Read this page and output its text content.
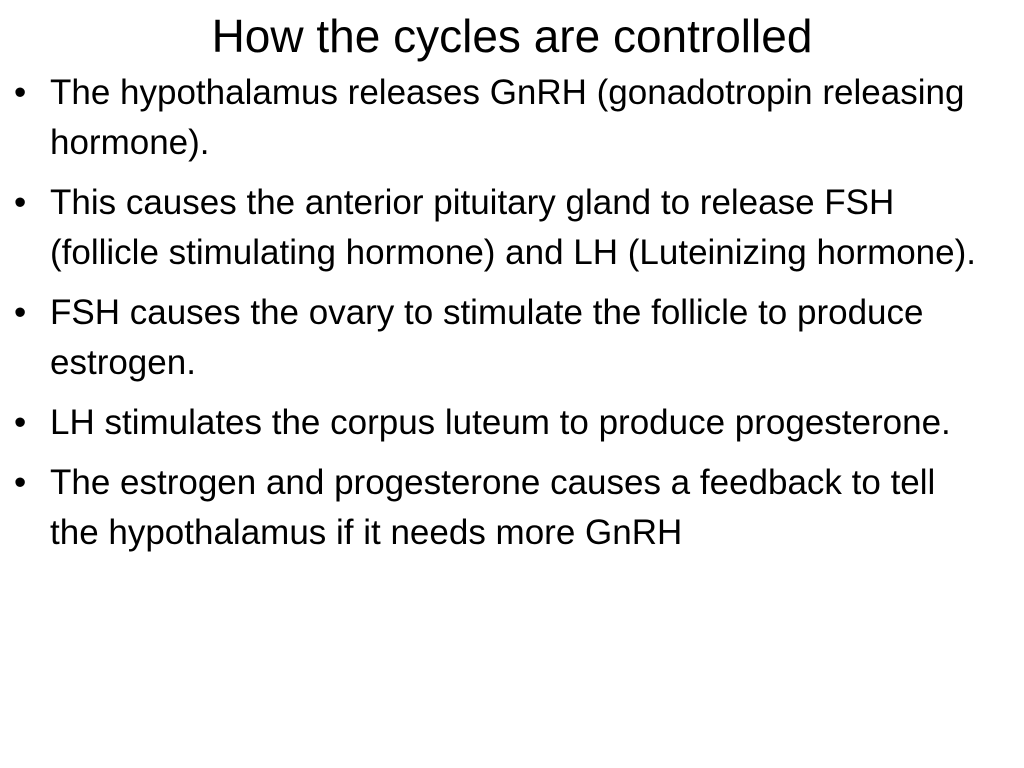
How the cycles are controlled
• The hypothalamus releases GnRH (gonadotropin releasing hormone).
• This causes the anterior pituitary gland to release FSH (follicle stimulating hormone) and LH (Luteinizing hormone).
• FSH causes the ovary to stimulate the follicle to produce estrogen.
• LH stimulates the corpus luteum to produce progesterone.
• The estrogen and progesterone causes a feedback to tell the hypothalamus if it needs more GnRH
